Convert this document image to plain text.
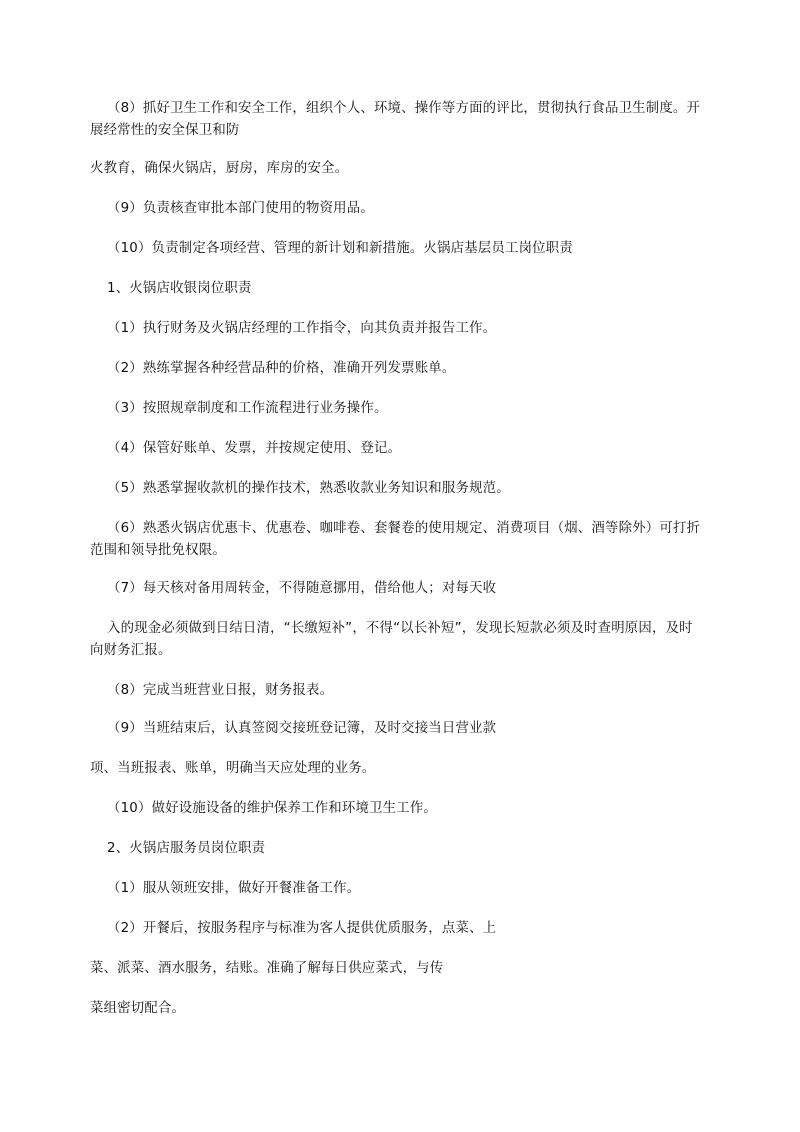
（8）抓好卫生工作和安全工作，组织个人、环境、操作等方面的评比，贯彻执行食品卫生制度。开

展经常性的安全保卫和防

火教育，确保火锅店，厨房，库房的安全。

（9）负责核查审批本部门使用的物资用品。

（10）负责制定各项经营、管理的新计划和新措施。火锅店基层员工岗位职责

1、火锅店收银岗位职责

（1）执行财务及火锅店经理的工作指令，向其负责并报告工作。

（2）熟练掌握各种经营品种的价格，准确开列发票账单。

（3）按照规章制度和工作流程进行业务操作。

（4）保管好账单、发票，并按规定使用、登记。

（5）熟悉掌握收款机的操作技术，熟悉收款业务知识和服务规范。

（6）熟悉火锅店优惠卡、优惠卷、咖啡卷、套餐卷的使用规定、消费项目（烟、酒等除外）可打折

范围和领导批免权限。

（7）每天核对备用周转金，不得随意挪用，借给他人；对每天收

入的现金必须做到日结日清，“长缴短补”，不得“以长补短”，发现长短款必须及时查明原因，及时

向财务汇报。

（8）完成当班营业日报，财务报表。

（9）当班结束后，认真签阅交接班登记簿，及时交接当日营业款

项、当班报表、账单，明确当天应处理的业务。

（10）做好设施设备的维护保养工作和环境卫生工作。

2、火锅店服务员岗位职责

（1）服从领班安排，做好开餐准备工作。

（2）开餐后，按服务程序与标准为客人提供优质服务，点菜、上

菜、派菜、酒水服务，结账。准确了解每日供应菜式，与传

菜组密切配合。
